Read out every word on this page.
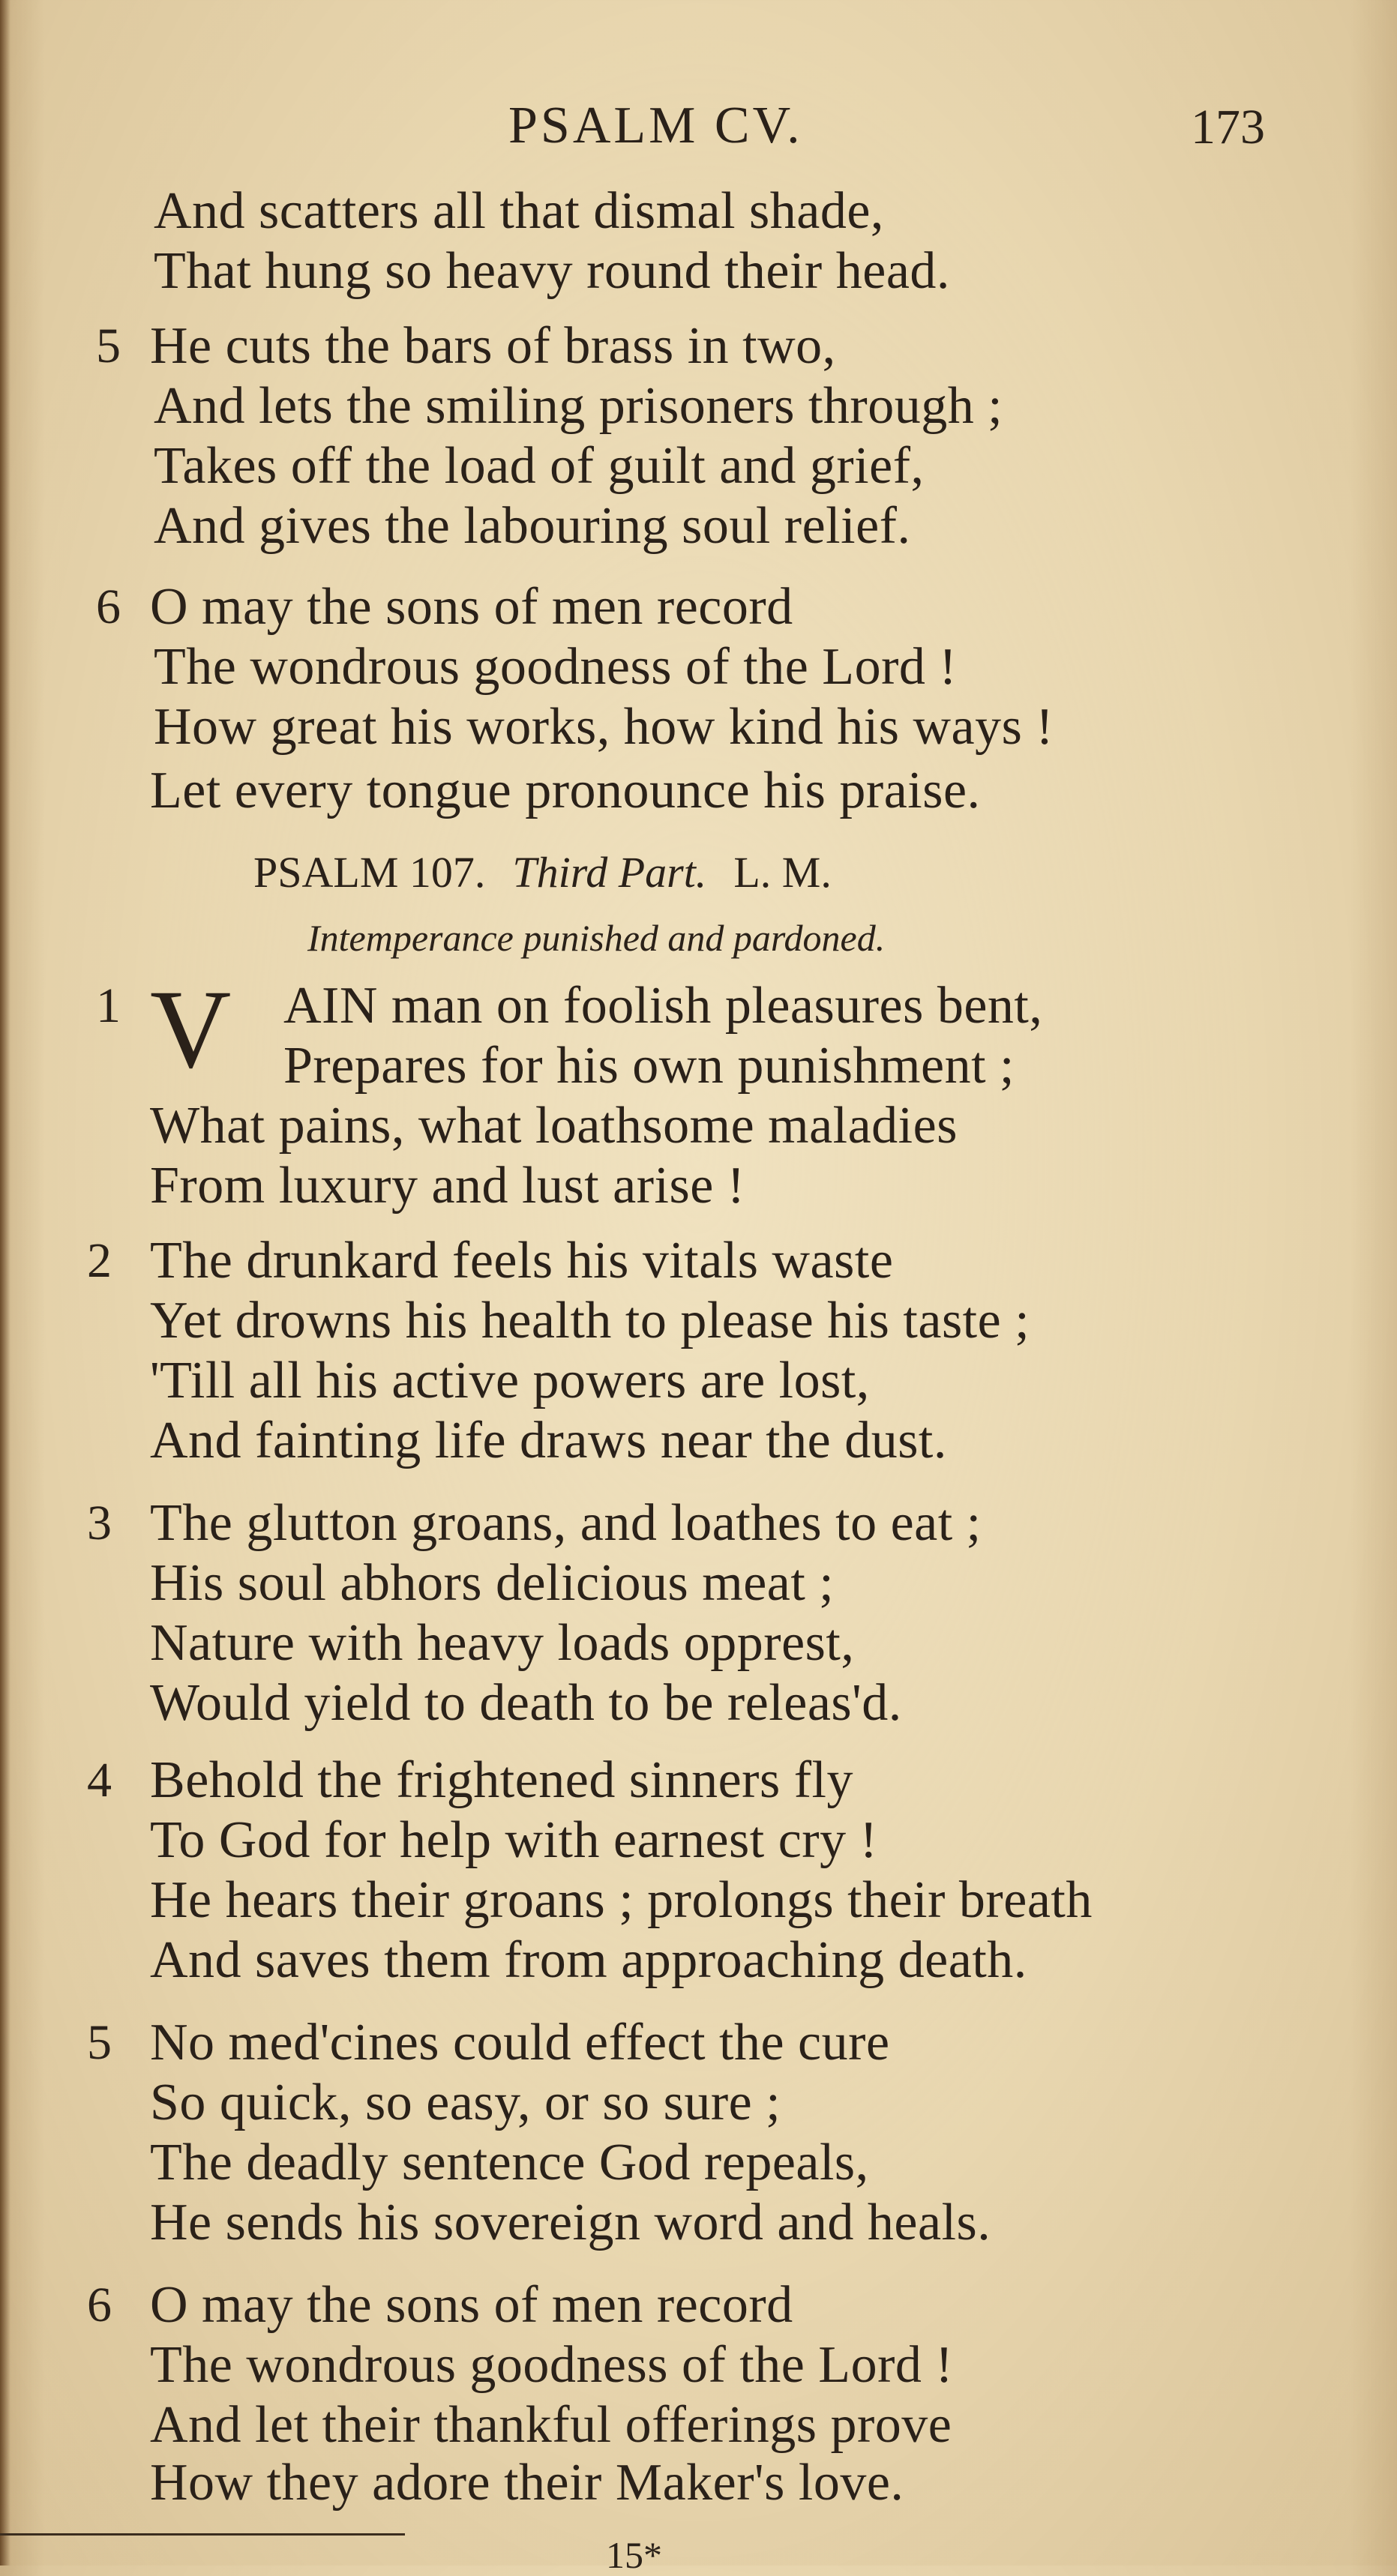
PSALM CV.	173
And scatters all that dismal shade,
That hung so heavy round their head.
5 He cuts the bars of brass in two,
And lets the smiling prisoners through ;
Takes off the load of guilt and grief,
And gives the labouring soul relief.
6 O may the sons of men record
The wondrous goodness of the Lord !
How great his works, how kind his ways !
Let every tongue pronounce his praise.
PSALM 107. Third Part. L. M.
Intemperance punished and pardoned.
1 V AIN man on foolish pleasures bent,
Prepares for his own punishment ;
What pains, what loathsome maladies
From luxury and lust arise !
2 The drunkard feels his vitals waste
Yet drowns his health to please his taste ;
'Till all his active powers are lost,
And fainting life draws near the dust.
3 The glutton groans, and loathes to eat ;
His soul abhors delicious meat ;
Nature with heavy loads opprest,
Would yield to death to be releas'd.
4 Behold the frightened sinners fly
To God for help with earnest cry !
He hears their groans ; prolongs their breath
And saves them from approaching death.
5 No med'cines could effect the cure
So quick, so easy, or so sure ;
The deadly sentence God repeals,
He sends his sovereign word and heals.
6 O may the sons of men record
The wondrous goodness of the Lord !
And let their thankful offerings prove
How they adore their Maker's love.
15*
